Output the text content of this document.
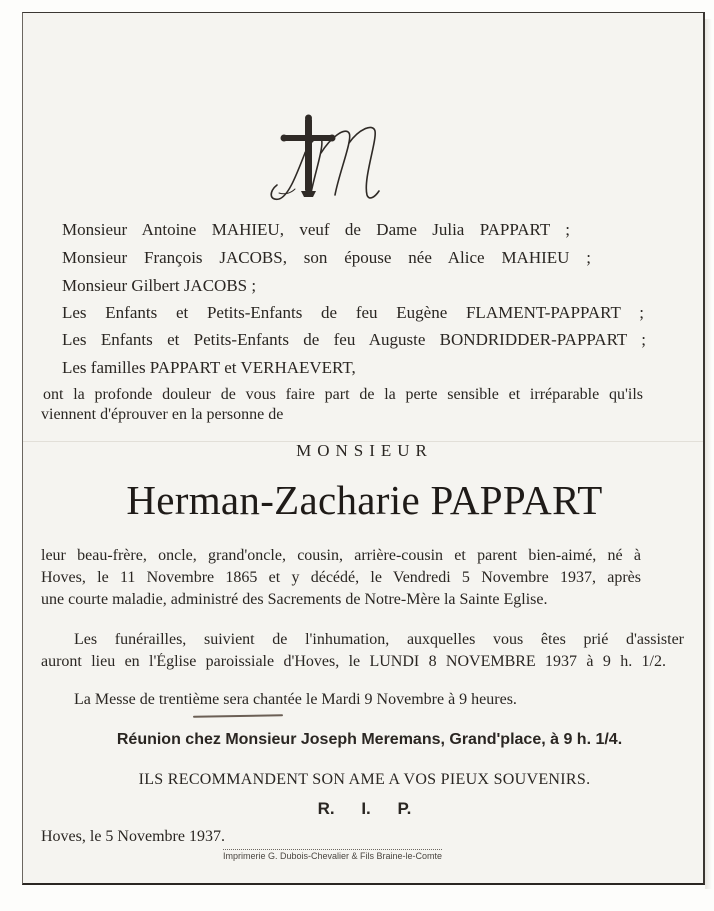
Monsieur Antoine MAHIEU, veuf de Dame Julia PAPPART ;
Monsieur François JACOBS, son épouse née Alice MAHIEU ;
Monsieur Gilbert JACOBS ;
Les Enfants et Petits-Enfants de feu Eugène FLAMENT-PAPPART ;
Les Enfants et Petits-Enfants de feu Auguste BONDRIDDER-PAPPART ;
Les familles PAPPART et VERHAEVERT,
ont la profonde douleur de vous faire part de la perte sensible et irréparable qu'ils
viennent d'éprouver en la personne de
MONSIEUR
Herman-Zacharie PAPPART
leur beau-frère, oncle, grand'oncle, cousin, arrière-cousin et parent bien-aimé, né à
Hoves, le 11 Novembre 1865 et y décédé, le Vendredi 5 Novembre 1937, après
une courte maladie, administré des Sacrements de Notre-Mère la Sainte Eglise.
Les funérailles, suivient de l'inhumation, auxquelles vous êtes prié d'assister
auront lieu en l'Église paroissiale d'Hoves, le LUNDI 8 NOVEMBRE 1937 à 9 h. 1/2.
La Messe de trentième sera chantée le Mardi 9 Novembre à 9 heures.
Réunion chez Monsieur Joseph Meremans, Grand'place, à 9 h. 1/4.
ILS RECOMMANDENT SON AME A VOS PIEUX SOUVENIRS.
R. I. P.
Hoves, le 5 Novembre 1937.
Imprimerie G. Dubois-Chevalier & Fils Braine-le-Comte
